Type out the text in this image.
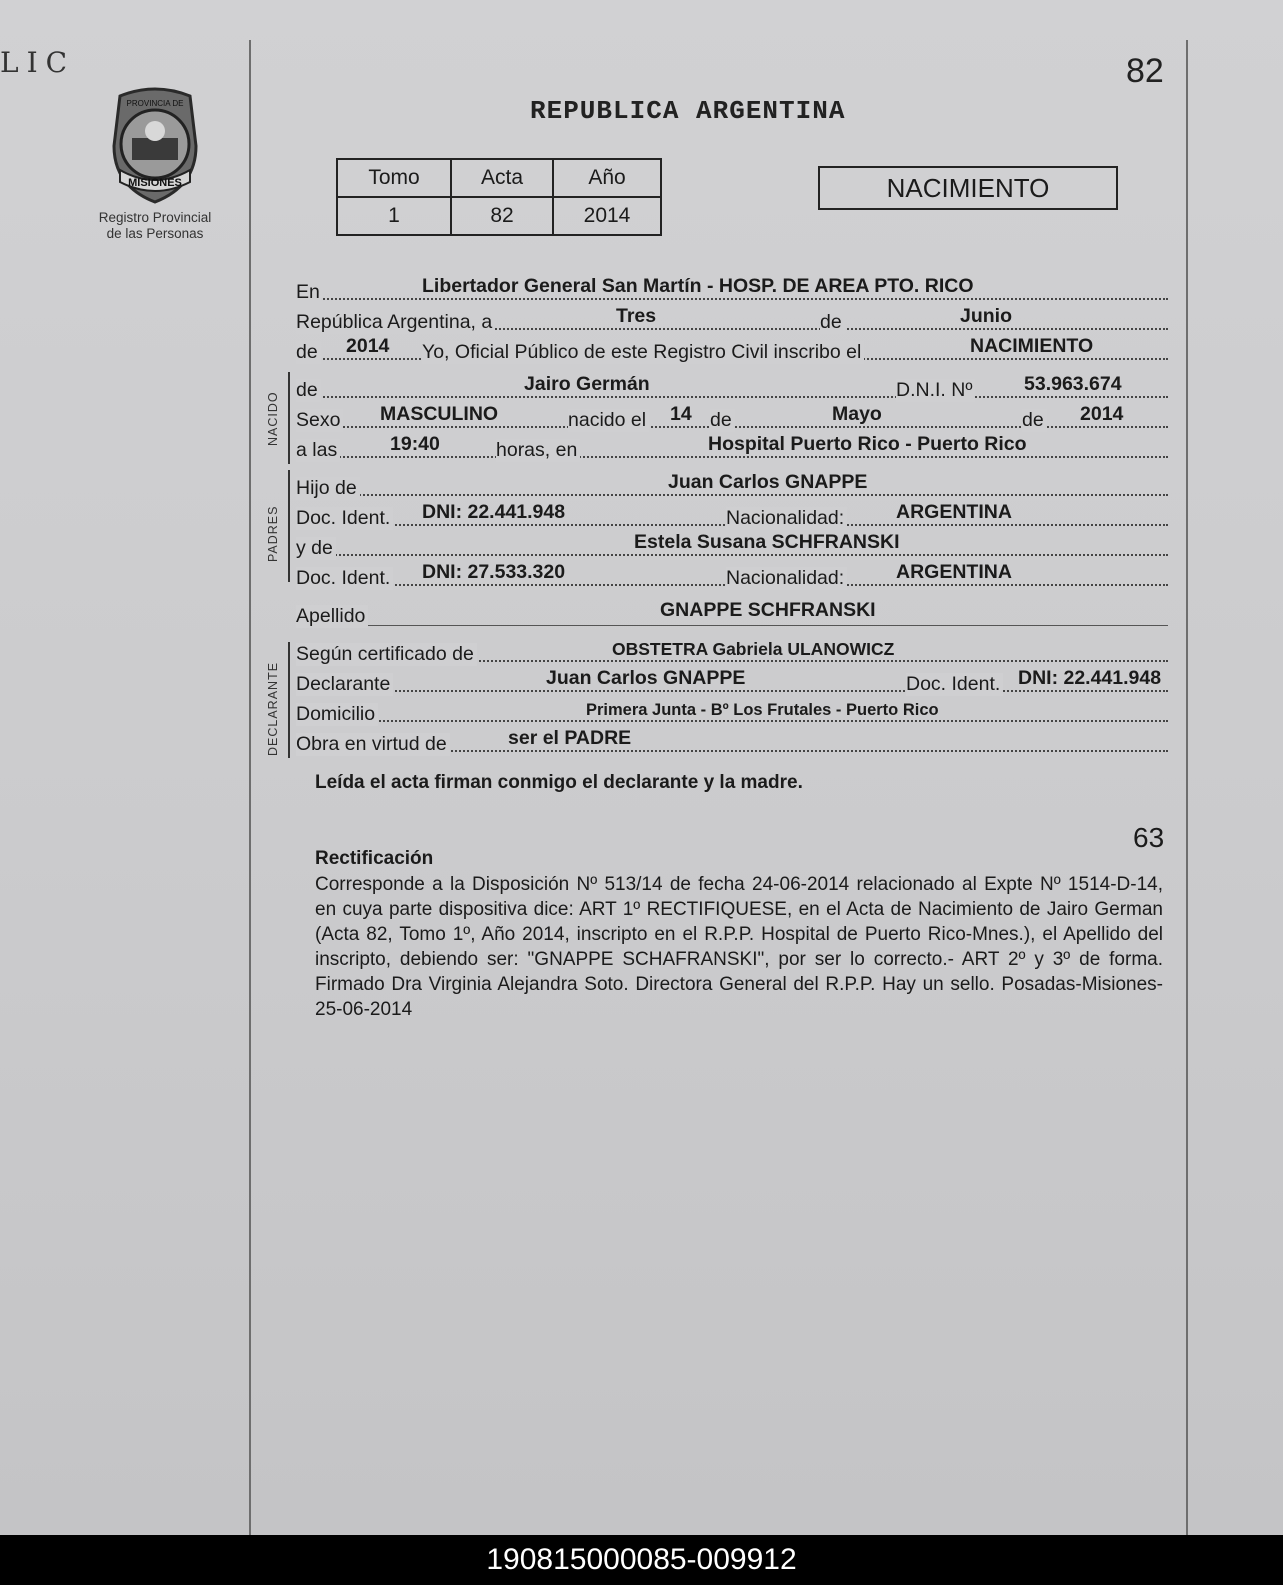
LIC	82
PROVINCIA DE
MISIONES
Registro Provincial
de las Personas
REPUBLICA ARGENTINA
Tomo	Acta	Año
1	82	2014
NACIMIENTO
En	Libertador General San Martín - HOSP. DE AREA PTO. RICO
República Argentina, a	Tres	de	Junio
de 2014 Yo, Oficial Público de este Registro Civil inscribo el	NACIMIENTO
NACIDO
de	Jairo Germán	D.N.I. Nº	53.963.674
Sexo MASCULINO	nacido el 14 de	Mayo	de 2014
a las	19:40	horas, en	Hospital Puerto Rico - Puerto Rico
PADRES
Hijo de	Juan Carlos GNAPPE
Doc. Ident. DNI: 22.441.948	Nacionalidad:	ARGENTINA
y de	Estela Susana SCHFRANSKI
Doc. Ident. DNI: 27.533.320	Nacionalidad:	ARGENTINA
Apellido	GNAPPE SCHFRANSKI
DECLARANTE
Según certificado de	OBSTETRA Gabriela ULANOWICZ
Declarante	Juan Carlos GNAPPE	Doc. Ident. DNI: 22.441.948
Domicilio	Primera Junta - Bº Los Frutales - Puerto Rico
Obra en virtud de	ser el PADRE
Leída el acta firman conmigo el declarante y la madre.
63
Rectificación
Corresponde a la Disposición Nº 513/14 de fecha 24-06-2014 relacionado al Expte Nº 1514-D-14, en cuya parte dispositiva dice: ART 1º RECTIFIQUESE, en el Acta de Nacimiento de Jairo German (Acta 82, Tomo 1º, Año 2014, inscripto en el R.P.P. Hospital de Puerto Rico-Mnes.), el Apellido del inscripto, debiendo ser: "GNAPPE SCHAFRANSKI", por ser lo correcto.- ART 2º y 3º de forma. Firmado Dra Virginia Alejandra Soto. Directora General del R.P.P. Hay un sello. Posadas-Misiones- 25-06-2014
190815000085-009912
